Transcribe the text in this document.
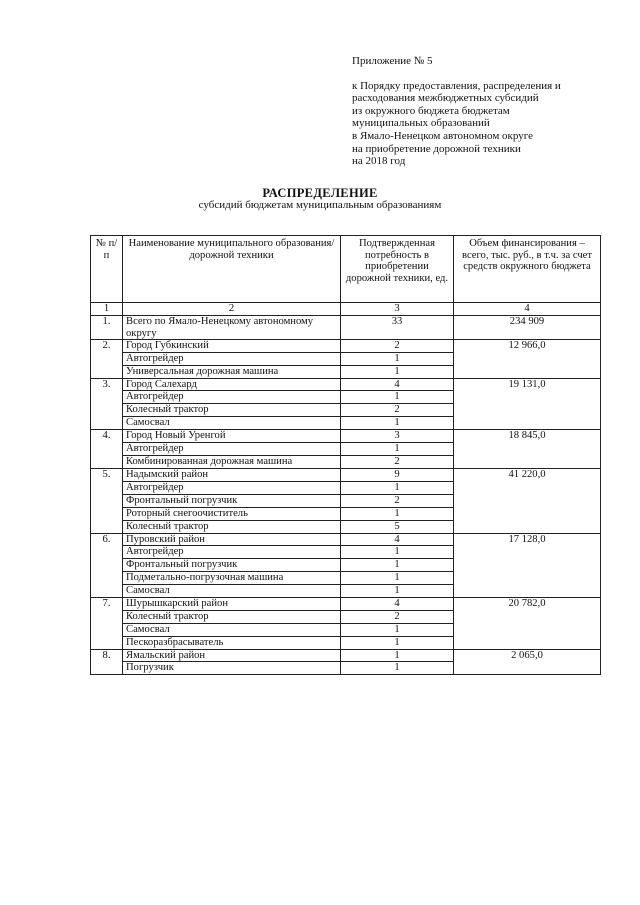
Приложение № 5
к Порядку предоставления, распределения и
расходования межбюджетных субсидий
из окружного бюджета бюджетам
муниципальных образований
в Ямало-Ненецком автономном округе
на приобретение дорожной техники
на 2018 год
РАСПРЕДЕЛЕНИЕ
субсидий бюджетам муниципальным образованиям
№ п/п	Наименование муниципального образования/ дорожной техники	Подтвержденная потребность в приобретении дорожной техники, ед.	Объем финансирования – всего, тыс. руб., в т.ч. за счет средств окружного бюджета
1	2	3	4
1.	Всего по Ямало-Ненецкому автономному округу	33	234 909
2.	Город Губкинский	2	12 966,0
	Автогрейдер	1	
	Универсальная дорожная машина	1	
3.	Город Салехард	4	19 131,0
	Автогрейдер	1	
	Колесный трактор	2	
	Самосвал	1	
4.	Город Новый Уренгой	3	18 845,0
	Автогрейдер	1	
	Комбинированная дорожная машина	2	
5.	Надымский район	9	41 220,0
	Автогрейдер	1	
	Фронтальный погрузчик	2	
	Роторный снегоочиститель	1	
	Колесный трактор	5	
6.	Пуровский район	4	17 128,0
	Автогрейдер	1	
	Фронтальный погрузчик	1	
	Подметально-погрузочная машина	1	
	Самосвал	1	
7.	Шурышкарский район	4	20 782,0
	Колесный трактор	2	
	Самосвал	1	
	Пескоразбрасыватель	1	
8.	Ямальский район	1	2 065,0
	Погрузчик	1	
